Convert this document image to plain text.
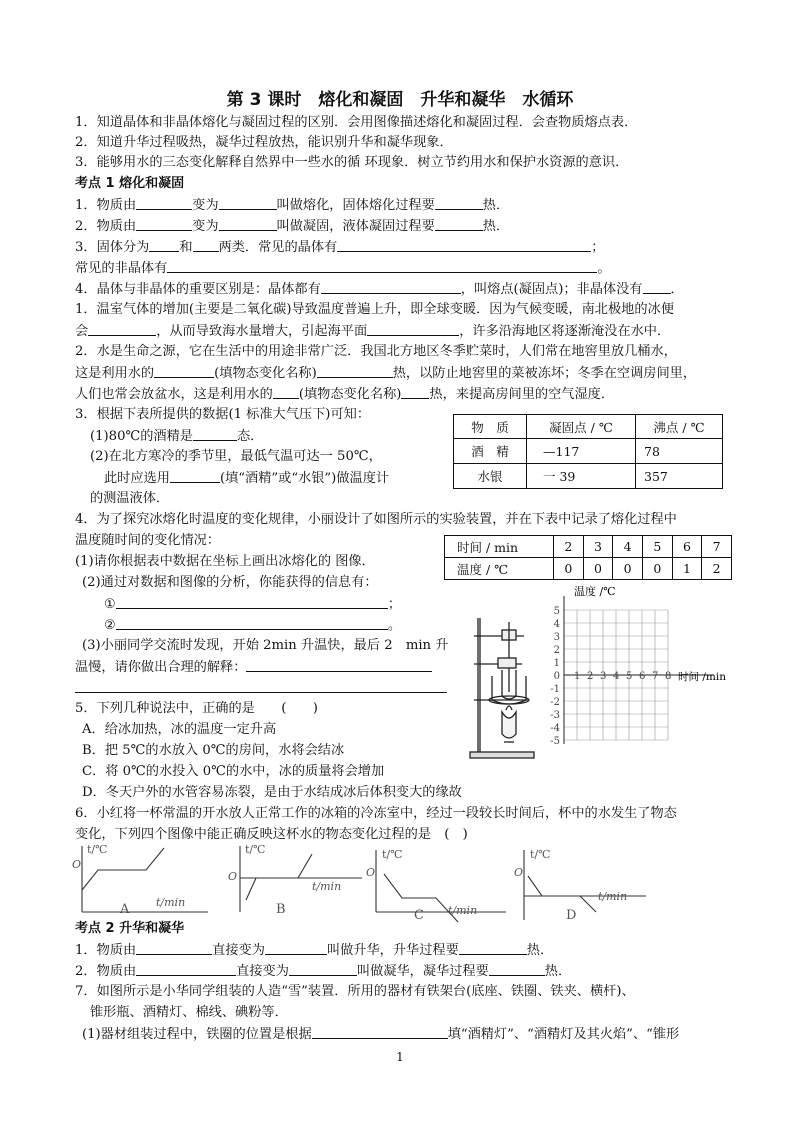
第 3 课时　熔化和凝固　升华和凝华　水循环
1．知道晶体和非晶体熔化与凝固过程的区别．会用图像描述熔化和凝固过程．会查物质熔点表．
2．知道升华过程吸热，凝华过程放热，能识别升华和凝华现象．
3．能够用水的三态变化解释自然界中一些水的循 环现象．树立节约用水和保护水资源的意识．
考点 1 熔化和凝固
1．物质由	变为	叫做熔化，固体熔化过程要	热．
2．物质由	变为	叫做凝固，液体凝固过程要	热．
3．固体分为 和 两类．常见的晶体有	；
常见的非晶体有	。
4．晶体与非晶体的重要区别是：晶体都有	，叫熔点(凝固点)；非晶体没有 ．
1．温室气体的增加(主要是二氧化碳)导致温度普遍上升，即全球变暖．因为气候变暖，南北极地的冰便
会	，从而导致海水量增大，引起海平面	，许多沿海地区将逐渐淹没在水中．
2．水是生命之源，它在生活中的用途非常广泛．我国北方地区冬季贮菜时，人们常在地窖里放几桶水，
这是利用水的	(填物态变化名称)	热，以防止地窖里的菜被冻坏；冬季在空调房间里，
人们也常会放盆水，这是利用水的 (填物态变化名称) 热，来提高房间里的空气湿度．
3．根据下表所提供的数据(1 标准大气压下)可知：
(1)80℃的酒精是	态．
(2)在北方寒冷的季节里，最低气温可达一 50℃，
此时应选用	(填“酒精”或“水银”)做温度计
的测温液体．
物　质	凝固点 / ℃	沸点 / ℃
酒　精	—117	78
水银	一 39	357
4．为了探究冰熔化时温度的变化规律，小丽设计了如图所示的实验装置，并在下表中记录了熔化过程中
温度随时间的变化情况：
(1)请你根据表中数据在坐标上画出冰熔化的 图像．
(2)通过对数据和图像的分析，你能获得的信息有：
①	；
②	。
(3)小丽同学交流时发现，开始 2min 升温快，最后 2　min 升
温慢，请你做出合理的解释：
时间 / min	2	3	4	5	6	7
温度 / ℃	0	0	0	0	1	2
1 2 3 4 5 6 7 8
5
4
3
2
1
0
-1
-2
-3
-4
-5
温度 /℃
时间 /min
5．下列几种说法中，正确的是　　 (　　)
A．给冰加热，冰的温度一定升高
B．把 5℃的水放入 0℃的房间，水将会结冰
C．将 0℃的水投入 0℃的水中，冰的质量将会增加
D．冬天户外的水管容易冻裂，是由于水结成冰后体积变大的缘故
6．小红将一杯常温的开水放人正常工作的冰箱的冷冻室中，经过一段较长时间后，杯中的水发生了物态
变化，下列四个图像中能正确反映这杯水的物态变化过程的是　(　)
t/℃
O
t/min
t/℃
O
t/min
t/℃
O
t/min
t/℃
O
t/min
A	B	C	D
考点 2 升华和凝华
1．物质由	直接变为	叫做升华，升华过程要	热．
2．物质由	直接变为	叫做凝华，凝华过程要	热．
7．如图所示是小华同学组装的人造“雪”装置．所用的器材有铁架台(底座、铁圈、铁夹、横杆)、
锥形瓶、酒精灯、棉线、碘粉等．
(1)器材组装过程中，铁圈的位置是根据	填“酒精灯”、“酒精灯及其火焰”、“锥形
1
